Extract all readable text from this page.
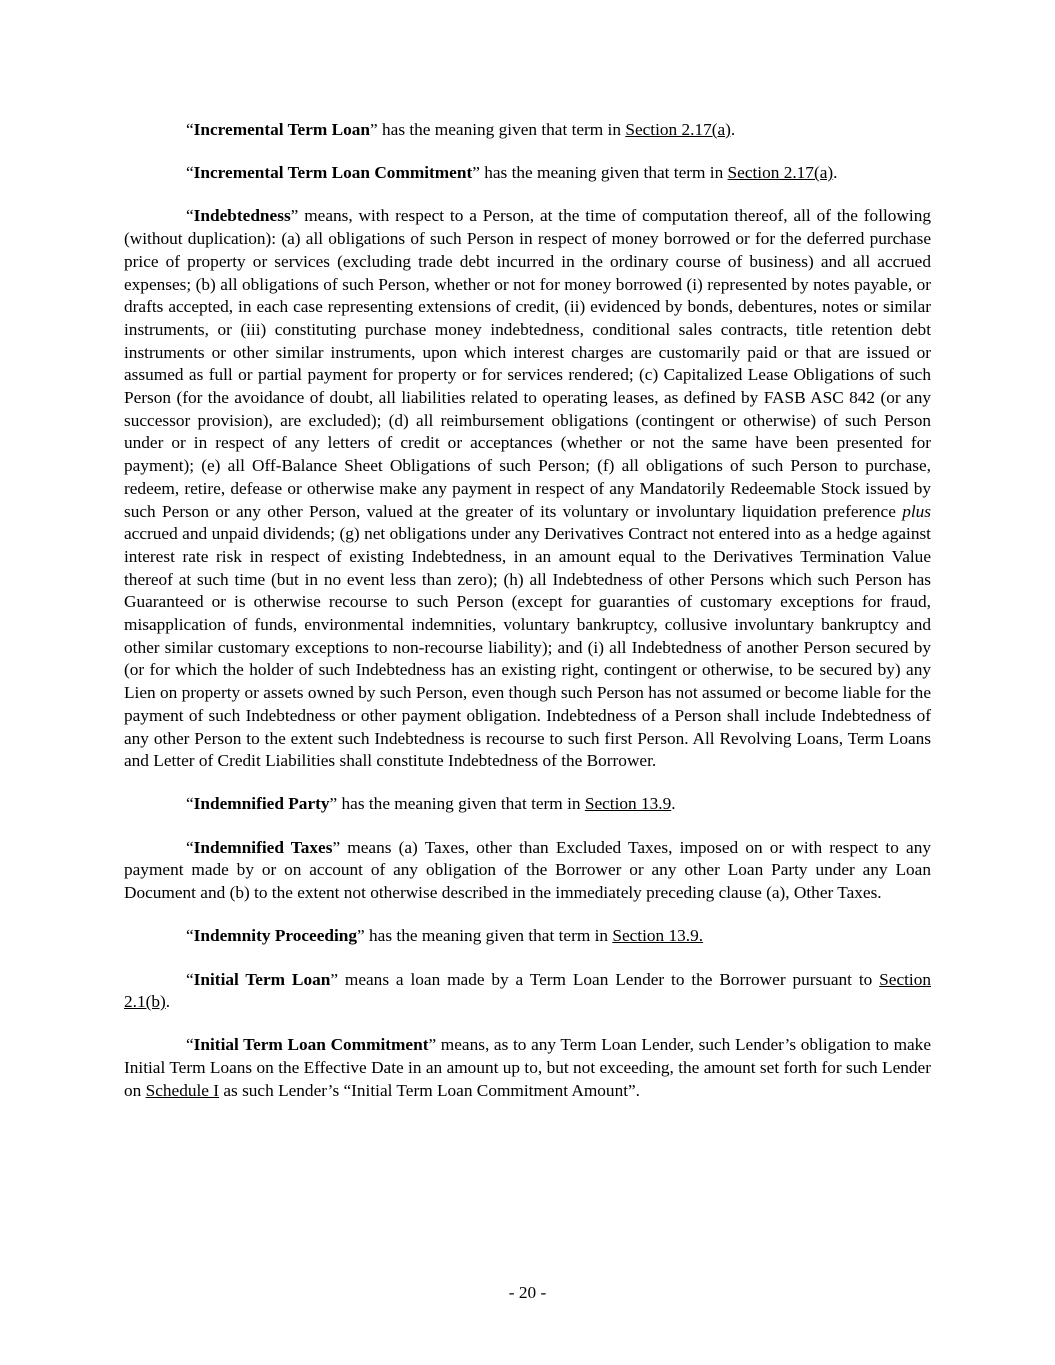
“Incremental Term Loan” has the meaning given that term in Section 2.17(a).

“Incremental Term Loan Commitment” has the meaning given that term in Section 2.17(a).

“Indebtedness” means, with respect to a Person, at the time of computation thereof, all of the following (without duplication): (a) all obligations of such Person in respect of money borrowed or for the deferred purchase price of property or services (excluding trade debt incurred in the ordinary course of business) and all accrued expenses; (b) all obligations of such Person, whether or not for money borrowed (i) represented by notes payable, or drafts accepted, in each case representing extensions of credit, (ii) evidenced by bonds, debentures, notes or similar instruments, or (iii) constituting purchase money indebtedness, conditional sales contracts, title retention debt instruments or other similar instruments, upon which interest charges are customarily paid or that are issued or assumed as full or partial payment for property or for services rendered; (c) Capitalized Lease Obligations of such Person (for the avoidance of doubt, all liabilities related to operating leases, as defined by FASB ASC 842 (or any successor provision), are excluded); (d) all reimbursement obligations (contingent or otherwise) of such Person under or in respect of any letters of credit or acceptances (whether or not the same have been presented for payment); (e) all Off-Balance Sheet Obligations of such Person; (f) all obligations of such Person to purchase, redeem, retire, defease or otherwise make any payment in respect of any Mandatorily Redeemable Stock issued by such Person or any other Person, valued at the greater of its voluntary or involuntary liquidation preference plus accrued and unpaid dividends; (g) net obligations under any Derivatives Contract not entered into as a hedge against interest rate risk in respect of existing Indebtedness, in an amount equal to the Derivatives Termination Value thereof at such time (but in no event less than zero); (h) all Indebtedness of other Persons which such Person has Guaranteed or is otherwise recourse to such Person (except for guaranties of customary exceptions for fraud, misapplication of funds, environmental indemnities, voluntary bankruptcy, collusive involuntary bankruptcy and other similar customary exceptions to non-recourse liability); and (i) all Indebtedness of another Person secured by (or for which the holder of such Indebtedness has an existing right, contingent or otherwise, to be secured by) any Lien on property or assets owned by such Person, even though such Person has not assumed or become liable for the payment of such Indebtedness or other payment obligation. Indebtedness of a Person shall include Indebtedness of any other Person to the extent such Indebtedness is recourse to such first Person. All Revolving Loans, Term Loans and Letter of Credit Liabilities shall constitute Indebtedness of the Borrower.

“Indemnified Party” has the meaning given that term in Section 13.9.

“Indemnified Taxes” means (a) Taxes, other than Excluded Taxes, imposed on or with respect to any payment made by or on account of any obligation of the Borrower or any other Loan Party under any Loan Document and (b) to the extent not otherwise described in the immediately preceding clause (a), Other Taxes.

“Indemnity Proceeding” has the meaning given that term in Section 13.9.

“Initial Term Loan” means a loan made by a Term Loan Lender to the Borrower pursuant to Section 2.1(b).

“Initial Term Loan Commitment” means, as to any Term Loan Lender, such Lender’s obligation to make Initial Term Loans on the Effective Date in an amount up to, but not exceeding, the amount set forth for such Lender on Schedule I as such Lender’s “Initial Term Loan Commitment Amount”.

- 20 -
